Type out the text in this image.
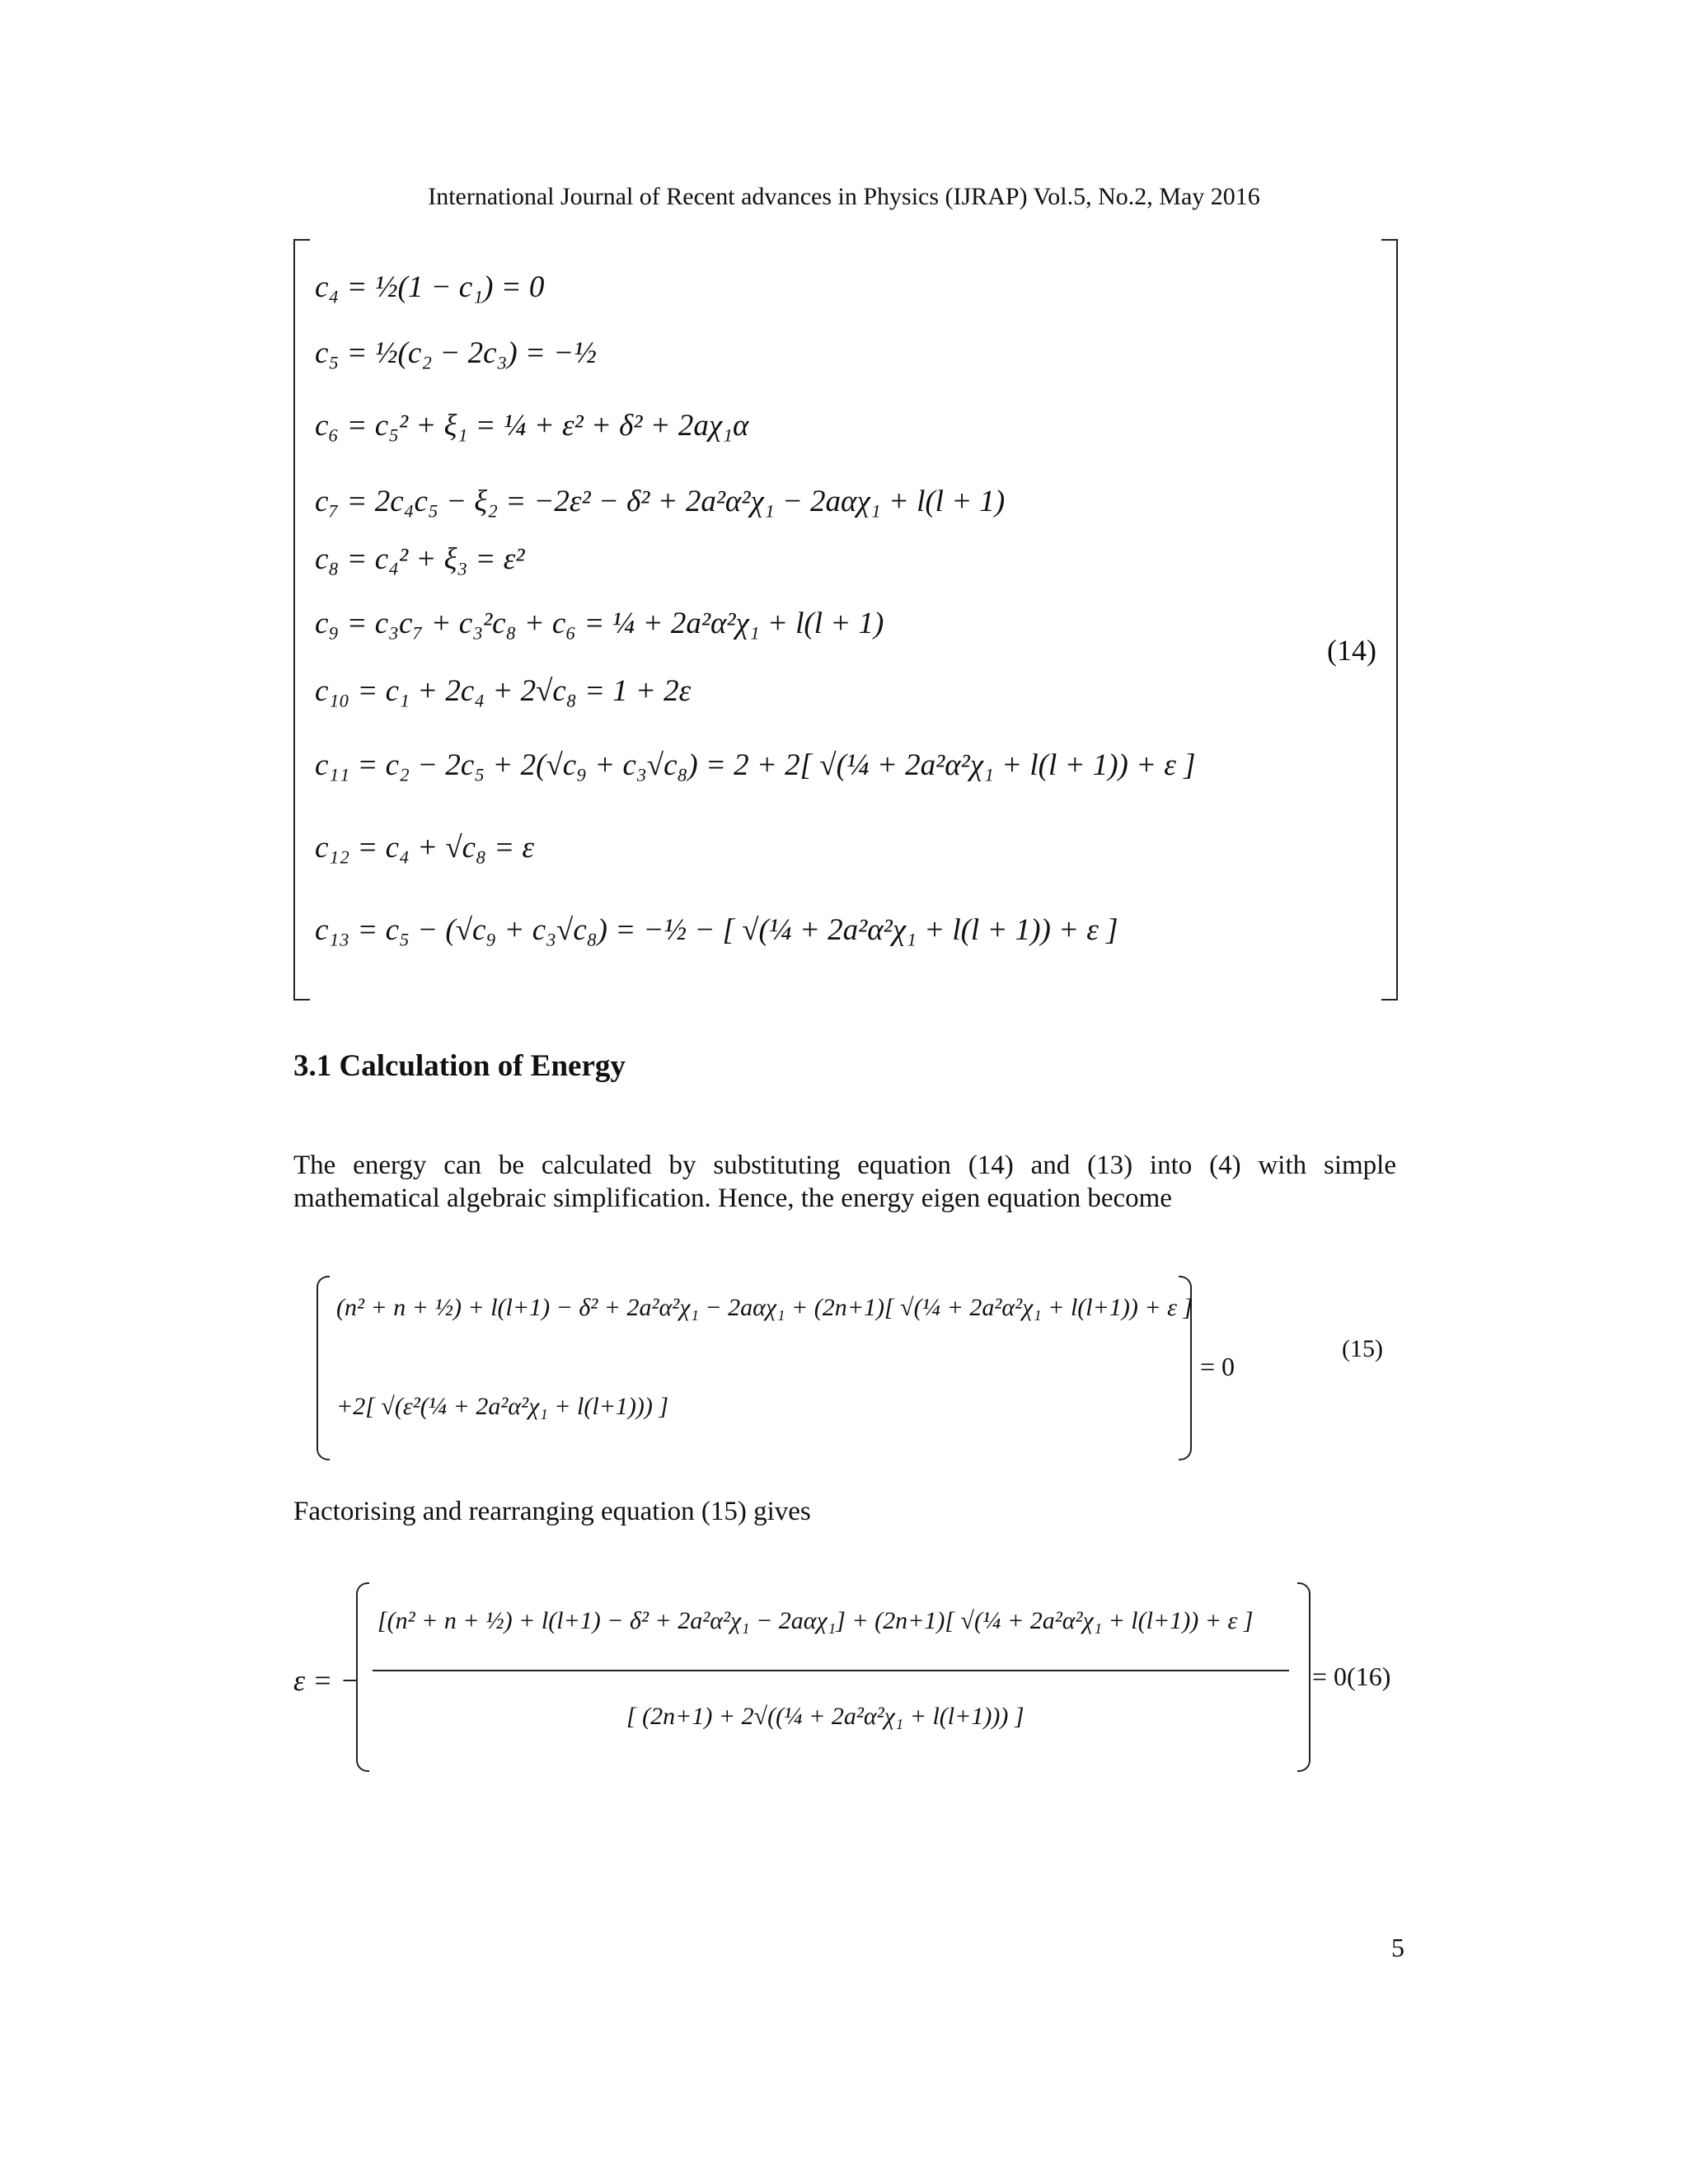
International Journal of Recent advances in Physics (IJRAP) Vol.5, No.2, May 2016
c₄ = ½(1 − c₁) = 0
c₅ = ½(c₂ − 2c₃) = −½
c₆ = c₅² + ξ₁ = ¼ + ε² + δ² + 2aχ₁α
c₇ = 2c₄c₅ − ξ₂ = −2ε² − δ² + 2a²α²χ₁ − 2aαχ₁ + l(l + 1)
c₈ = c₄² + ξ₃ = ε²
c₉ = c₃c₇ + c₃²c₈ + c₆ = ¼ + 2a²α²χ₁ + l(l + 1)
c₁₀ = c₁ + 2c₄ + 2√c₈ = 1 + 2ε
c₁₁ = c₂ − 2c₅ + 2(√c₉ + c₃√c₈) = 2 + 2[ √(¼ + 2a²α²χ₁ + l(l + 1)) + ε ]
c₁₂ = c₄ + √c₈ = ε
c₁₃ = c₅ − (√c₉ + c₃√c₈) = −½ − [ √(¼ + 2a²α²χ₁ + l(l + 1)) + ε ]
(14)
3.1 Calculation of Energy
The energy can be calculated by substituting equation (14) and (13) into (4) with simple mathematical algebraic simplification. Hence, the energy eigen equation become
(n² + n + ½) + l(l+1) − δ² + 2a²α²χ₁ − 2aαχ₁ + (2n+1)[ √(¼ + 2a²α²χ₁ + l(l+1)) + ε ]
+2[ √(ε²(¼ + 2a²α²χ₁ + l(l+1))) ]
= 0
(15)
Factorising and rearranging equation (15) gives
ε = −
[(n² + n + ½) + l(l+1) − δ² + 2a²α²χ₁ − 2aαχ₁] + (2n+1)[ √(¼ + 2a²α²χ₁ + l(l+1)) + ε ]
[ (2n+1) + 2√((¼ + 2a²α²χ₁ + l(l+1))) ]
= 0(16)
5
